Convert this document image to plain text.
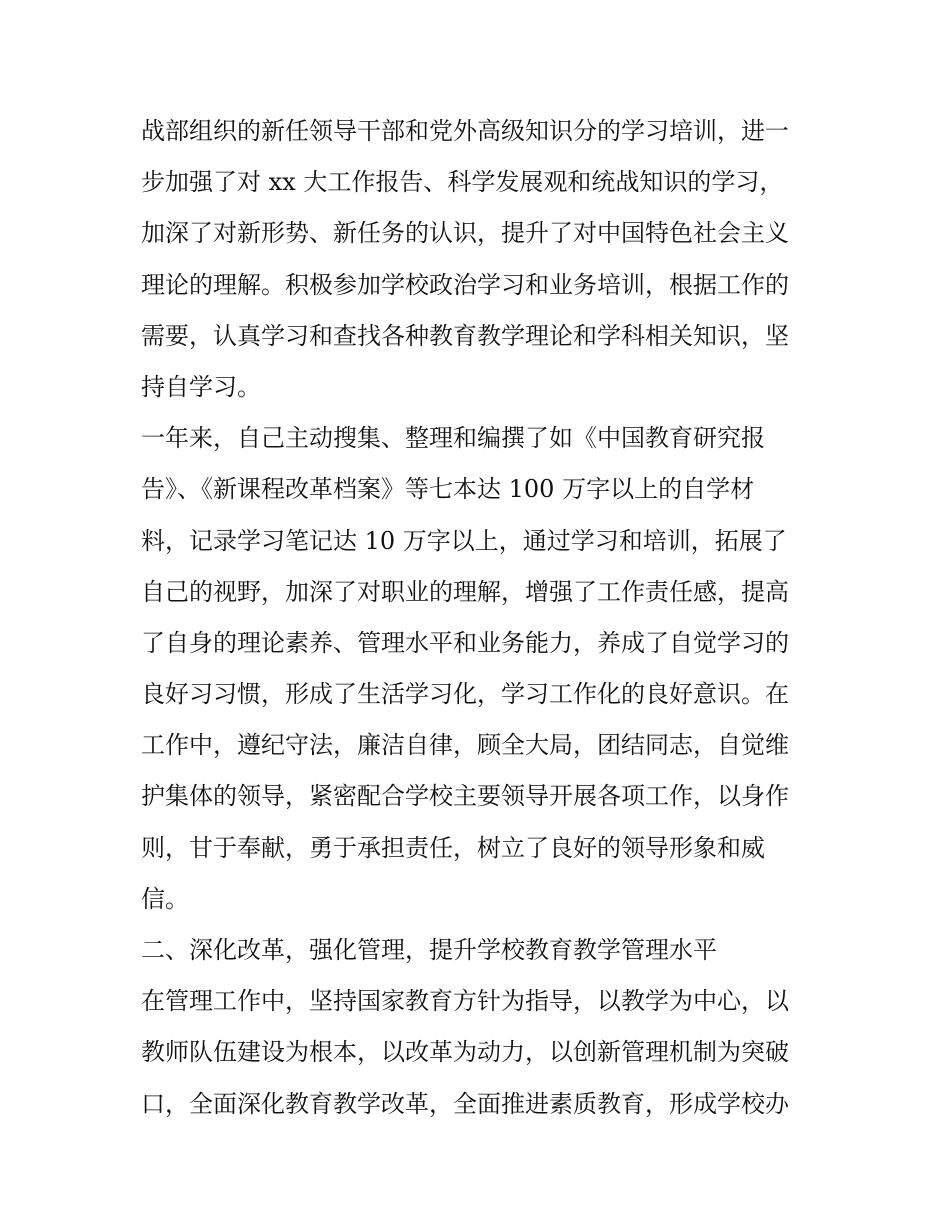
战部组织的新任领导干部和党外高级知识分的学习培训，进一
步加强了对 xx 大工作报告、科学发展观和统战知识的学习，
加深了对新形势、新任务的认识，提升了对中国特色社会主义
理论的理解。积极参加学校政治学习和业务培训，根据工作的
需要，认真学习和查找各种教育教学理论和学科相关知识，坚
持自学习。
一年来，自己主动搜集、整理和编撰了如《中国教育研究报
告》、《新课程改革档案》等七本达 100 万字以上的自学材
料，记录学习笔记达 10 万字以上，通过学习和培训，拓展了
自己的视野，加深了对职业的理解，增强了工作责任感，提高
了自身的理论素养、管理水平和业务能力，养成了自觉学习的
良好习习惯，形成了生活学习化，学习工作化的良好意识。在
工作中，遵纪守法，廉洁自律，顾全大局，团结同志，自觉维
护集体的领导，紧密配合学校主要领导开展各项工作，以身作
则，甘于奉献，勇于承担责任，树立了良好的领导形象和威
信。
二、深化改革，强化管理，提升学校教育教学管理水平
在管理工作中，坚持国家教育方针为指导，以教学为中心，以
教师队伍建设为根本，以改革为动力，以创新管理机制为突破
口，全面深化教育教学改革，全面推进素质教育，形成学校办
